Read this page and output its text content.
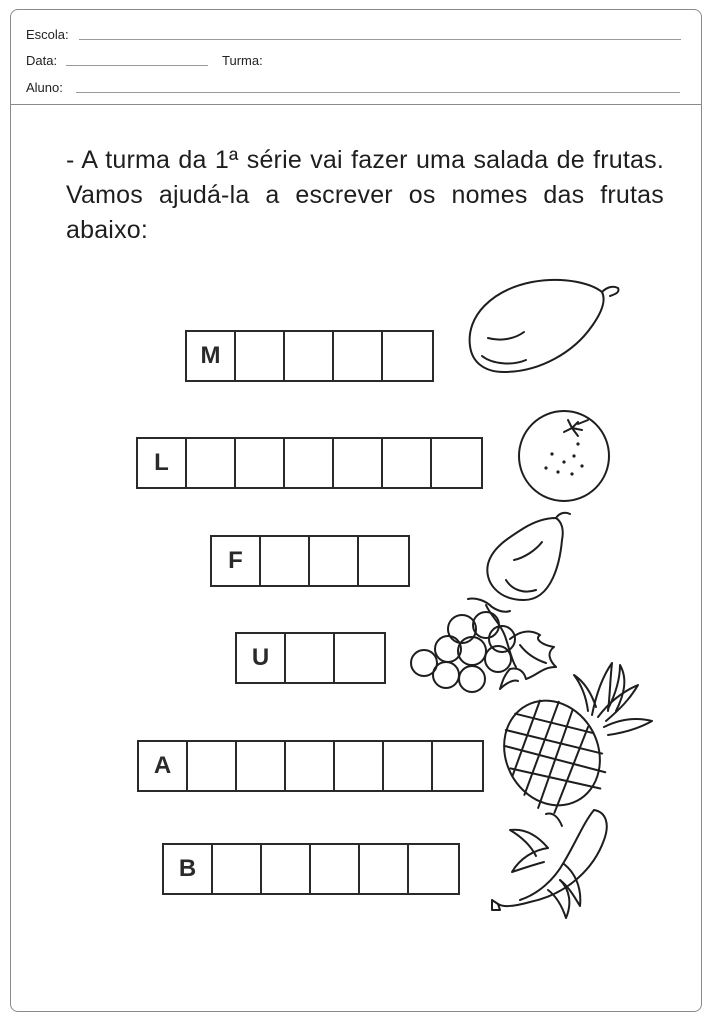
Escola:
Data:	Turma:
Aluno:
- A turma da 1ª série vai fazer uma salada de frutas. Vamos ajudá-la a escrever os nomes das frutas abaixo:
M
L
F
U
A
B
